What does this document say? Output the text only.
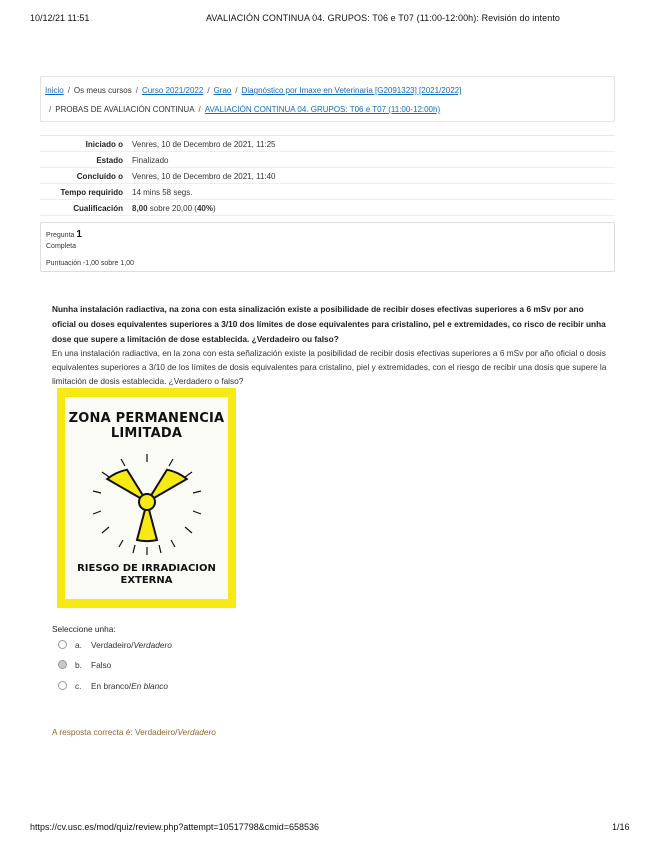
10/12/21 11:51	AVALIACIÓN CONTINUA 04. GRUPOS: T06 e T07 (11:00-12:00h): Revisión do intento
Inicio / Os meus cursos / Curso 2021/2022 / Grao / Diagnóstico por Imaxe en Veterinaria [G2091323] [2021/2022]
/ PROBAS DE AVALIACIÓN CONTINUA / AVALIACIÓN CONTINUA 04. GRUPOS: T06 e T07 (11:00-12:00h)
Iniciado o Venres, 10 de Decembro de 2021, 11:25
Estado Finalizado
Concluído o Venres, 10 de Decembro de 2021, 11:40
Tempo requirido 14 mins 58 segs.
Cualificación 8,00 sobre 20,00 (40%)
Pregunta 1
Completa
Puntuación -1,00 sobre 1,00
Nunha instalación radiactiva, na zona con esta sinalización existe a posibilidade de recibir doses efectivas superiores a 6 mSv por ano oficial ou doses equivalentes superiores a 3/10 dos límites de dose equivalentes para cristalino, pel e extremidades, co risco de recibir unha dose que supere a limitación de dose establecida. ¿Verdadeiro ou falso?
En una instalación radiactiva, en la zona con esta señalización existe la posibilidad de recibir dosis efectivas superiores a 6 mSv por año oficial o dosis equivalentes superiores a 3/10 de los límites de dosis equivalentes para cristalino, piel y extremidades, con el riesgo de recibir una dosis que supere la limitación de dosis establecida. ¿Verdadero o falso?
ZONA PERMANENCIA LIMITADA
RIESGO DE IRRADIACION EXTERNA
Seleccione unha:
a. Verdadeiro/Verdadero
b. Falso
c. En branco/En blanco
A resposta correcta é: Verdadeiro/Verdadero
https://cv.usc.es/mod/quiz/review.php?attempt=10517798&cmid=658536	1/16
